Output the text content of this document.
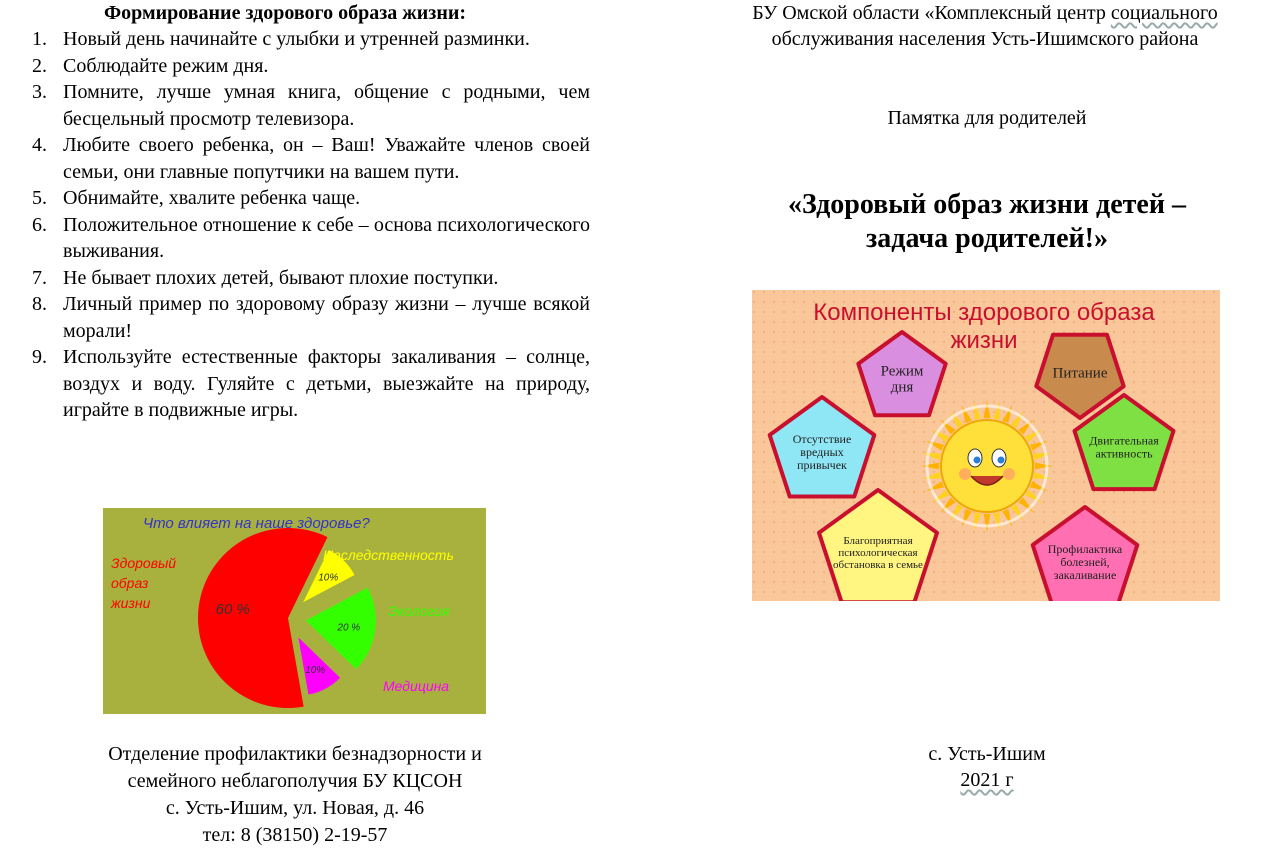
Формирование здорового образа жизни:
1. Новый день начинайте с улыбки и утренней разминки.
2. Соблюдайте режим дня.
3. Помните, лучше умная книга, общение с родными, чем бесцельный просмотр телевизора.
4. Любите своего ребенка, он – Ваш! Уважайте членов своей семьи, они главные попутчики на вашем пути.
5. Обнимайте, хвалите ребенка чаще.
6. Положительное отношение к себе – основа психологического выживания.
7. Не бывает плохих детей, бывают плохие поступки.
8. Личный пример по здоровому образу жизни – лучше всякой морали!
9. Используйте естественные факторы закаливания – солнце, воздух и воду. Гуляйте с детьми, выезжайте на природу, играйте в подвижные игры.
Что влияет на наше здоровье?
60 %
10%
20 %
10%
Здоровый образ жизни
Наследственность
Экология
Медицина
Отделение профилактики безнадзорности и
семейного неблагополучия БУ КЦСОН
с. Усть-Ишим, ул. Новая, д. 46
тел: 8 (38150) 2-19-57
БУ Омской области «Комплексный центр социального
обслуживания населения Усть-Ишимского района
Памятка для родителей
«Здоровый образ жизни детей –
задача родителей!»
Компоненты здорового образа
жизни
Режим
дня
Питание
Двигательная
активность
Профилактика
болезней,
закаливание
Благоприятная
психологическая
обстановка в семье
Отсутствие
вредных
привычек
с. Усть-Ишим
2021 г
